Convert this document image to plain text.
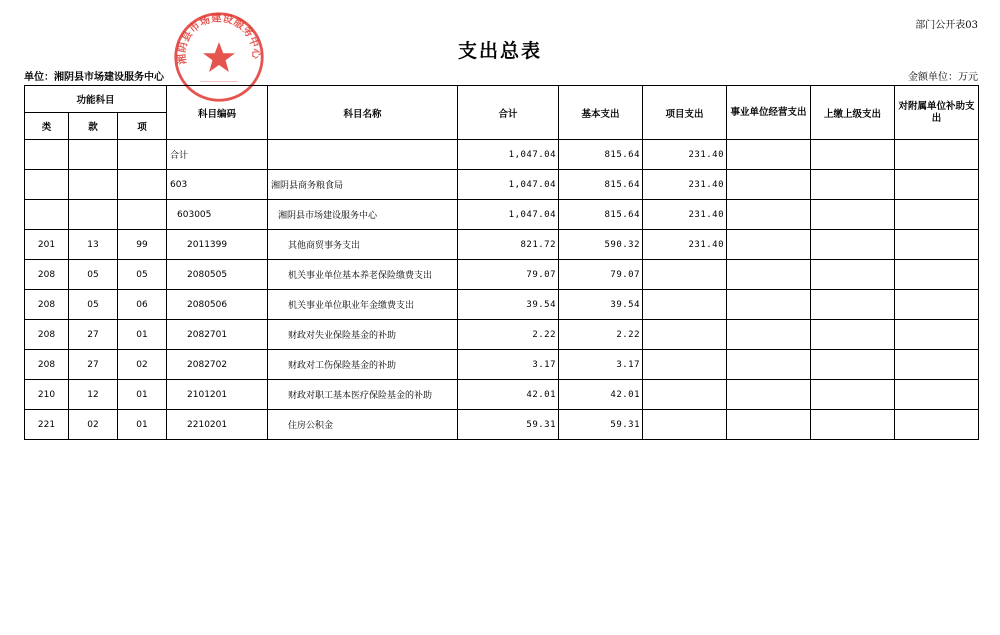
部门公开表03
支出总表
单位：湘阴县市场建设服务中心	金额单位：万元
湘阴县市场建设服务中心
功能科目			科目编码	科目名称	合计	基本支出	项目支出	事业单位经营支出	上缴上级支出	对附属单位补助支出
类	款	项								
			合计		1,047.04	815.64	231.40			
			603	湘阴县商务粮食局	1,047.04	815.64	231.40			
			603005	湘阴县市场建设服务中心	1,047.04	815.64	231.40			
201	13	99	2011399	其他商贸事务支出	821.72	590.32	231.40			
208	05	05	2080505	机关事业单位基本养老保险缴费支出	79.07	79.07				
208	05	06	2080506	机关事业单位职业年金缴费支出	39.54	39.54				
208	27	01	2082701	财政对失业保险基金的补助	2.22	2.22				
208	27	02	2082702	财政对工伤保险基金的补助	3.17	3.17				
210	12	01	2101201	财政对职工基本医疗保险基金的补助	42.01	42.01				
221	02	01	2210201	住房公积金	59.31	59.31				
